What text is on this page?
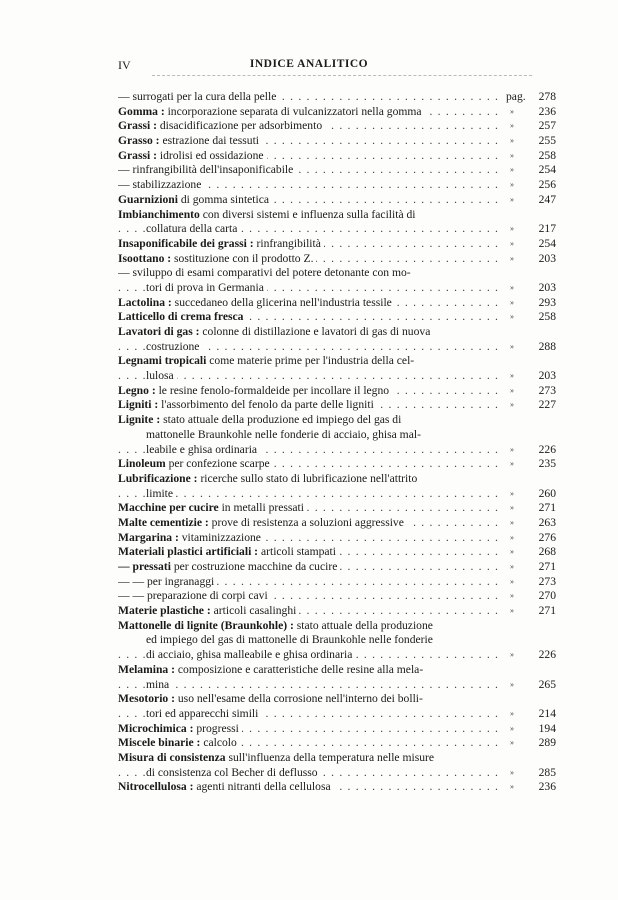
IV	INDICE ANALITICO
— surrogati per la cura della pelle . . .	pag.	278
Gomma : incorporazione separata di vulcanizzatori nella gomma . . .	»	236
Grassi : disacidificazione per adsorbimento . . .	»	257
Grasso : estrazione dai tessuti . . .	»	255
Grassi : idrolisi ed ossidazione . . .	»	258
— rinfrangibilità dell'insaponificabile . . .	»	254
— stabilizzazione . . .	»	256
Guarnizioni di gomma sintetica . . .	»	247
Imbianchimento con diversi sistemi e influenza sulla facilità di
collatura della carta . . .	»	217
Insaponificabile dei grassi : rinfrangibilità . . .	»	254
Isoottano : sostituzione con il prodotto Z. . . .	»	203
— sviluppo di esami comparativi del potere detonante con mo-
tori di prova in Germania . . .	»	203
Lactolina : succedaneo della glicerina nell'industria tessile . . .	»	293
Latticello di crema fresca . . .	»	258
Lavatori di gas : colonne di distillazione e lavatori di gas di nuova
costruzione . . .	»	288
Legnami tropicali come materie prime per l'industria della cel-
lulosa . . .	»	203
Legno : le resine fenolo-formaldeide per incollare il legno . . .	»	273
Ligniti : l'assorbimento del fenolo da parte delle ligniti . . .	»	227
Lignite : stato attuale della produzione ed impiego del gas di
mattonelle Braunkohle nelle fonderie di acciaio, ghisa mal-
leabile e ghisa ordinaria . . .	»	226
Linoleum per confezione scarpe . . .	»	235
Lubrificazione : ricerche sullo stato di lubrificazione nell'attrito
limite . . .	»	260
Macchine per cucire in metalli pressati . . .	»	271
Malte cementizie : prove di resistenza a soluzioni aggressive . . .	»	263
Margarina : vitaminizzazione . . .	»	276
Materiali plastici artificiali : articoli stampati . . .	»	268
— pressati per costruzione macchine da cucire . . .	»	271
— — per ingranaggi . . .	»	273
— — preparazione di corpi cavi . . .	»	270
Materie plastiche : articoli casalinghi . . .	»	271
Mattonelle di lignite (Braunkohle) : stato attuale della produzione
ed impiego del gas di mattonelle di Braunkohle nelle fonderie
di acciaio, ghisa malleabile e ghisa ordinaria . . .	»	226
Melamina : composizione e caratteristiche delle resine alla mela-
mina . . .	»	265
Mesotorio : uso nell'esame della corrosione nell'interno dei bolli-
tori ed apparecchi simili . . .	»	214
Microchimica : progressi . . .	»	194
Miscele binarie : calcolo . . .	»	289
Misura di consistenza sull'influenza della temperatura nelle misure
di consistenza col Becher di deflusso . . .	»	285
Nitrocellulosa : agenti nitranti della cellulosa . . .	»	236
